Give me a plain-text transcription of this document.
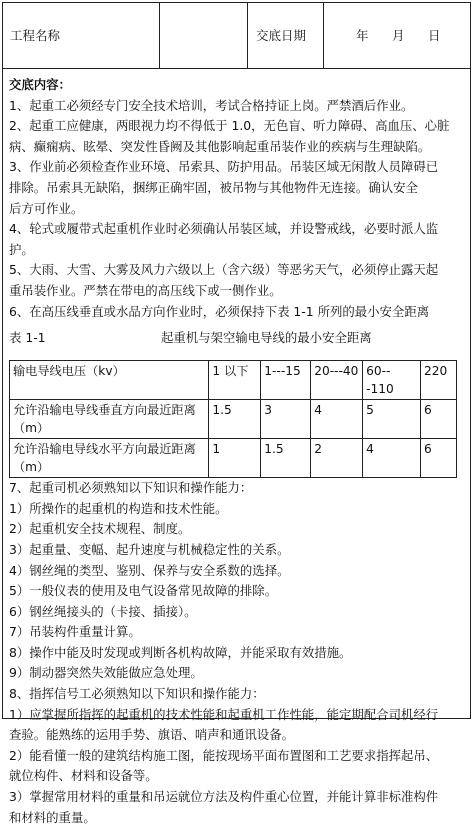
工程名称	交底日期	年 月 日
交底内容：
1、起重工必须经专门安全技术培训，考试合格持证上岗。严禁酒后作业。
2、起重工应健康，两眼视力均不得低于 1.0，无色盲、听力障碍、高血压、心脏
病、癫痫病、眩晕、突发性昏阙及其他影响起重吊装作业的疾病与生理缺陷。
3、作业前必须检查作业环境、吊索具、防护用品。吊装区域无闲散人员障碍已
排除。吊索具无缺陷，捆绑正确牢固，被吊物与其他物件无连接。确认安全
后方可作业。
4、轮式或履带式起重机作业时必须确认吊装区域，并设警戒线，必要时派人监
护。
5、大雨、大雪、大雾及风力六级以上（含六级）等恶劣天气，必须停止露天起
重吊装作业。严禁在带电的高压线下或一侧作业。
6、在高压线垂直或水品方向作业时，必须保持下表 1-1 所列的最小安全距离
表 1-1	起重机与架空输电导线的最小安全距离
输电导线电压（kv）	1 以下	1---15	20---40	60---110	220
允许沿输电导线垂直方向最近距离（m）	1.5	3	4	5	6
允许沿输电导线水平方向最近距离（m）	1	1.5	2	4	6
7、起重司机必须熟知以下知识和操作能力：
1）所操作的起重机的构造和技术性能。
2）起重机安全技术规程、制度。
3）起重量、变幅、起升速度与机械稳定性的关系。
4）钢丝绳的类型、鉴别、保养与安全系数的选择。
5）一般仪表的使用及电气设备常见故障的排除。
6）钢丝绳接头的（卡接、插接）。
7）吊装构件重量计算。
8）操作中能及时发现或判断各机构故障，并能采取有效措施。
9）制动器突然失效能做应急处理。
8、指挥信号工必须熟知以下知识和操作能力：
1）应掌握所指挥的起重机的技术性能和起重机工作性能，能定期配合司机经行
查验。能熟练的运用手势、旗语、哨声和通讯设备。
2）能看懂一般的建筑结构施工图，能按现场平面布置图和工艺要求指挥起吊、
就位构件、材料和设备等。
3）掌握常用材料的重量和吊运就位方法及构件重心位置，并能计算非标准构件
和材料的重量。
